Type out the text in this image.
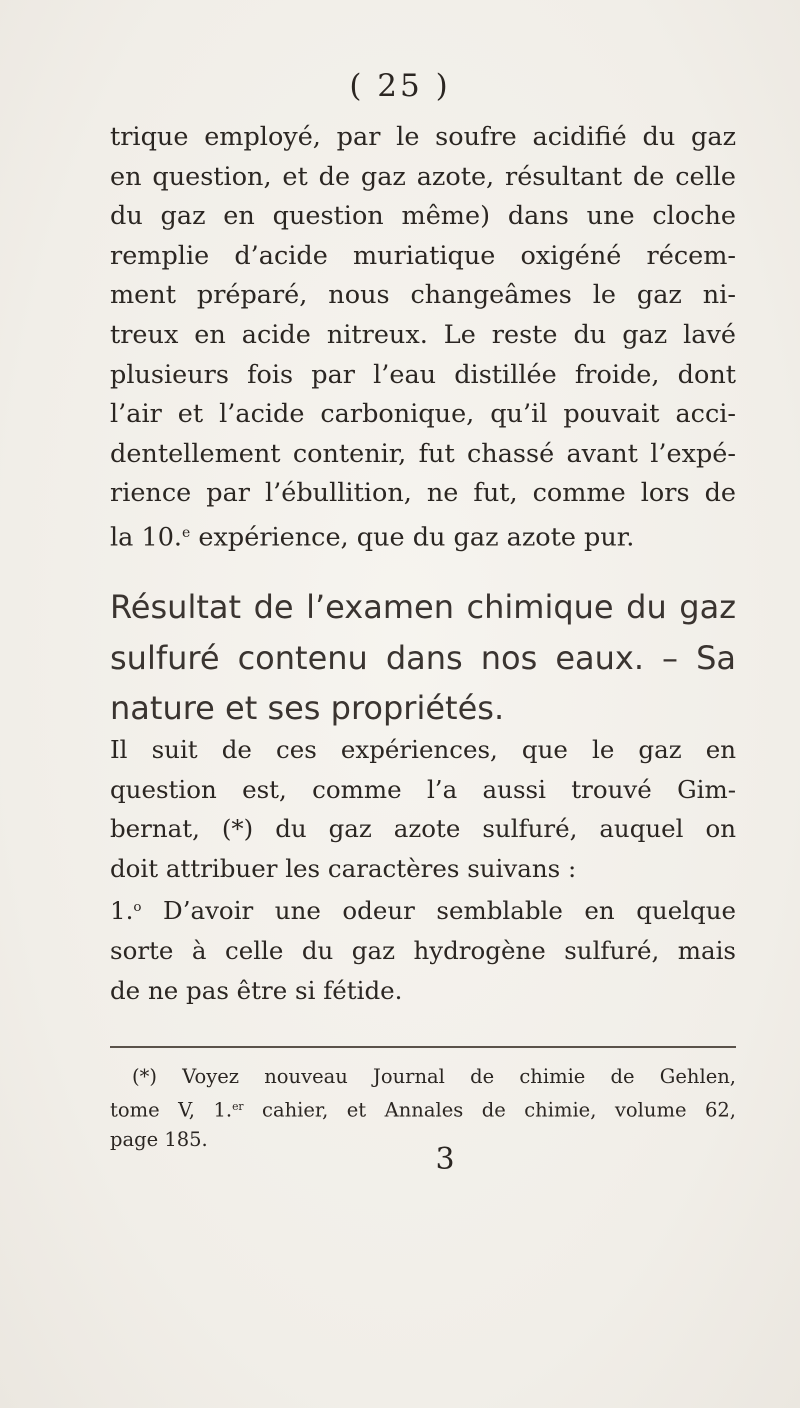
( 25 )
trique employé, par le soufre acidifié du gaz
en question, et de gaz azote, résultant de celle
du gaz en question même) dans une cloche
remplie d’acide muriatique oxigéné récem-
ment préparé, nous changeâmes le gaz ni-
treux en acide nitreux. Le reste du gaz lavé
plusieurs fois par l’eau distillée froide, dont
l’air et l’acide carbonique, qu’il pouvait acci-
dentellement contenir, fut chassé avant l’expé-
rience par l’ébullition, ne fut, comme lors de
la 10.$^e$ expérience, que du gaz azote pur.
Résultat de l’examen chimique du gaz
sulfuré contenu dans nos eaux. – Sa
nature et ses propriétés.
Il suit de ces expériences, que le gaz en
question est, comme l’a aussi trouvé Gim-
bernat, (*) du gaz azote sulfuré, auquel on
doit attribuer les caractères suivans :
1.$^o$ D’avoir une odeur semblable en quelque
sorte à celle du gaz hydrogène sulfuré, mais
de ne pas être si fétide.
(*) Voyez nouveau Journal de chimie de Gehlen,
tome V, 1.$^{er}$ cahier, et Annales de chimie, volume 62,
page 185.
3
